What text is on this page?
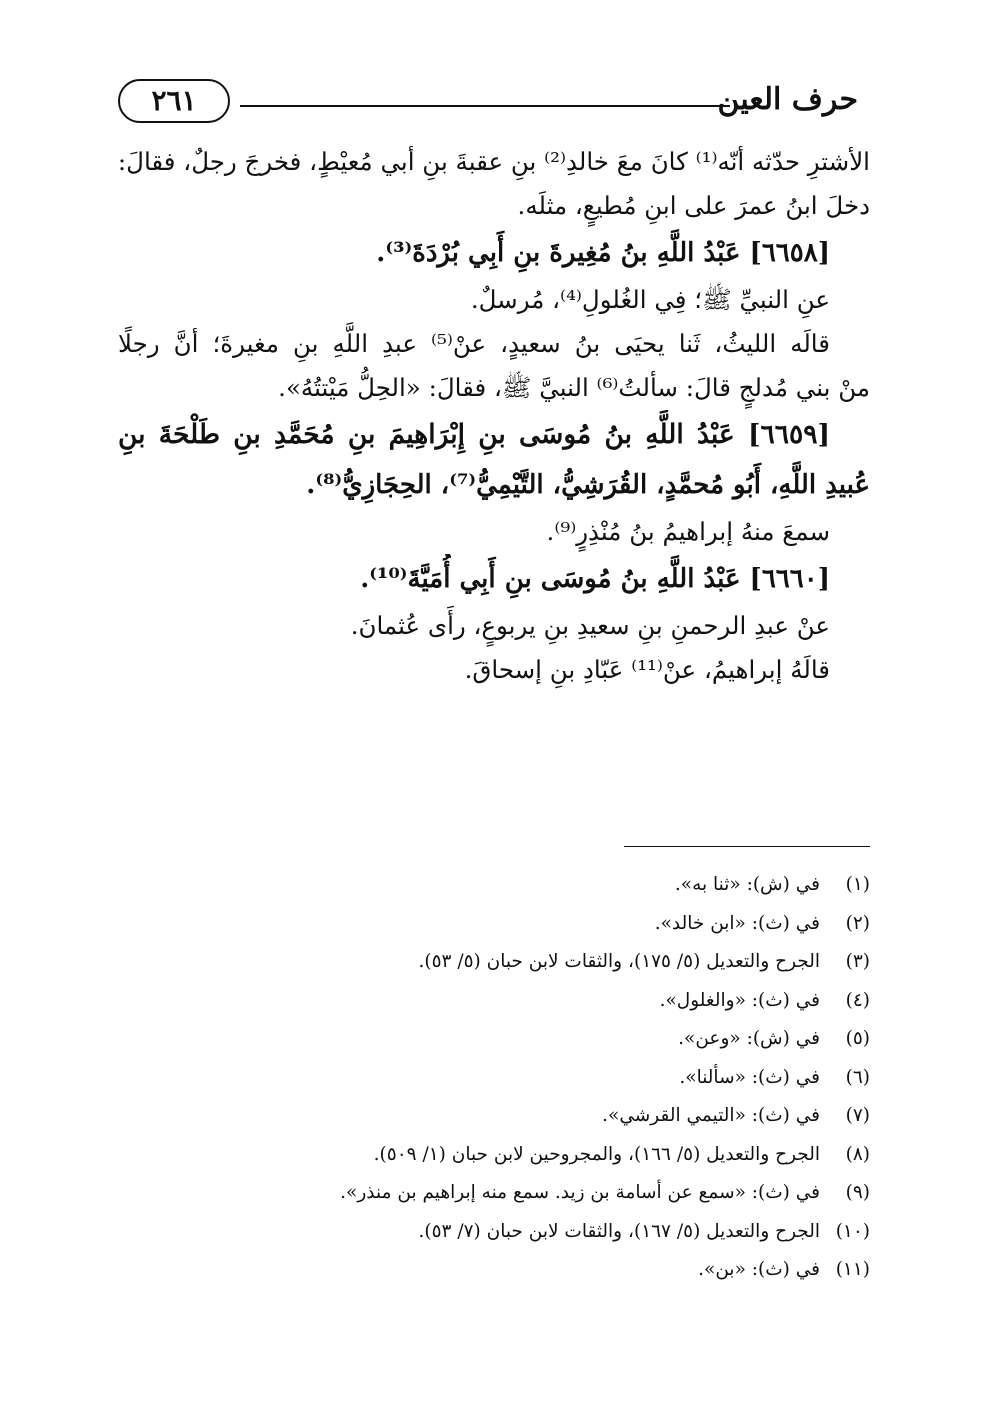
حرف العين
٢٦١
الأشترِ حدّثه أنّه⁽¹⁾ كانَ معَ خالدِ⁽²⁾ بنِ عقبةَ بنِ أبي مُعيْطٍ، فخرجَ رجلٌ، فقالَ:
دخلَ ابنُ عمرَ على ابنِ مُطيعٍ، مثلَه.
[٦٦٥٨] عَبْدُ اللَّهِ بنُ مُغِيرةَ بنِ أَبِي بُرْدَةَ⁽³⁾.
عنِ النبيِّ ﷺ؛ فِي الغُلولِ⁽⁴⁾، مُرسلٌ.
قالَه الليثُ، ثَنا يحيَى بنُ سعيدٍ، عنْ⁽⁵⁾ عبدِ اللَّهِ بنِ مغيرةَ؛ أنَّ رجلًا
منْ بني مُدلجٍ قالَ: سألتُ⁽⁶⁾ النبيَّ ﷺ، فقالَ: «الحِلُّ مَيْتتُهُ».
[٦٦٥٩] عَبْدُ اللَّهِ بنُ مُوسَى بنِ إِبْرَاهِيمَ بنِ مُحَمَّدِ بنِ طَلْحَةَ بنِ
عُبيدِ اللَّهِ، أَبُو مُحمَّدٍ، القُرَشِيُّ، التَّيْمِيُّ⁽⁷⁾، الحِجَازِيُّ⁽⁸⁾.
سمعَ منهُ إبراهيمُ بنُ مُنْذِرٍ⁽⁹⁾.
[٦٦٦٠] عَبْدُ اللَّهِ بنُ مُوسَى بنِ أَبِي أُمَيَّةَ⁽¹⁰⁾.
عنْ عبدِ الرحمنِ بنِ سعيدِ بنِ يربوعٍ، رأَى عُثمانَ.
قالَهُ إبراهيمُ، عنْ⁽¹¹⁾ عَبّادِ بنِ إسحاقَ.
(١)في (ش): «ثنا به».
(٢)في (ث): «ابن خالد».
(٣)الجرح والتعديل (٥/ ١٧٥)، والثقات لابن حبان (٥/ ٥٣).
(٤)في (ث): «والغلول».
(٥)في (ش): «وعن».
(٦)في (ث): «سألنا».
(٧)في (ث): «التيمي القرشي».
(٨)الجرح والتعديل (٥/ ١٦٦)، والمجروحين لابن حبان (١/ ٥٠٩).
(٩)في (ث): «سمع عن أسامة بن زيد. سمع منه إبراهيم بن منذر».
(١٠)الجرح والتعديل (٥/ ١٦٧)، والثقات لابن حبان (٧/ ٥٣).
(١١)في (ث): «بن».
